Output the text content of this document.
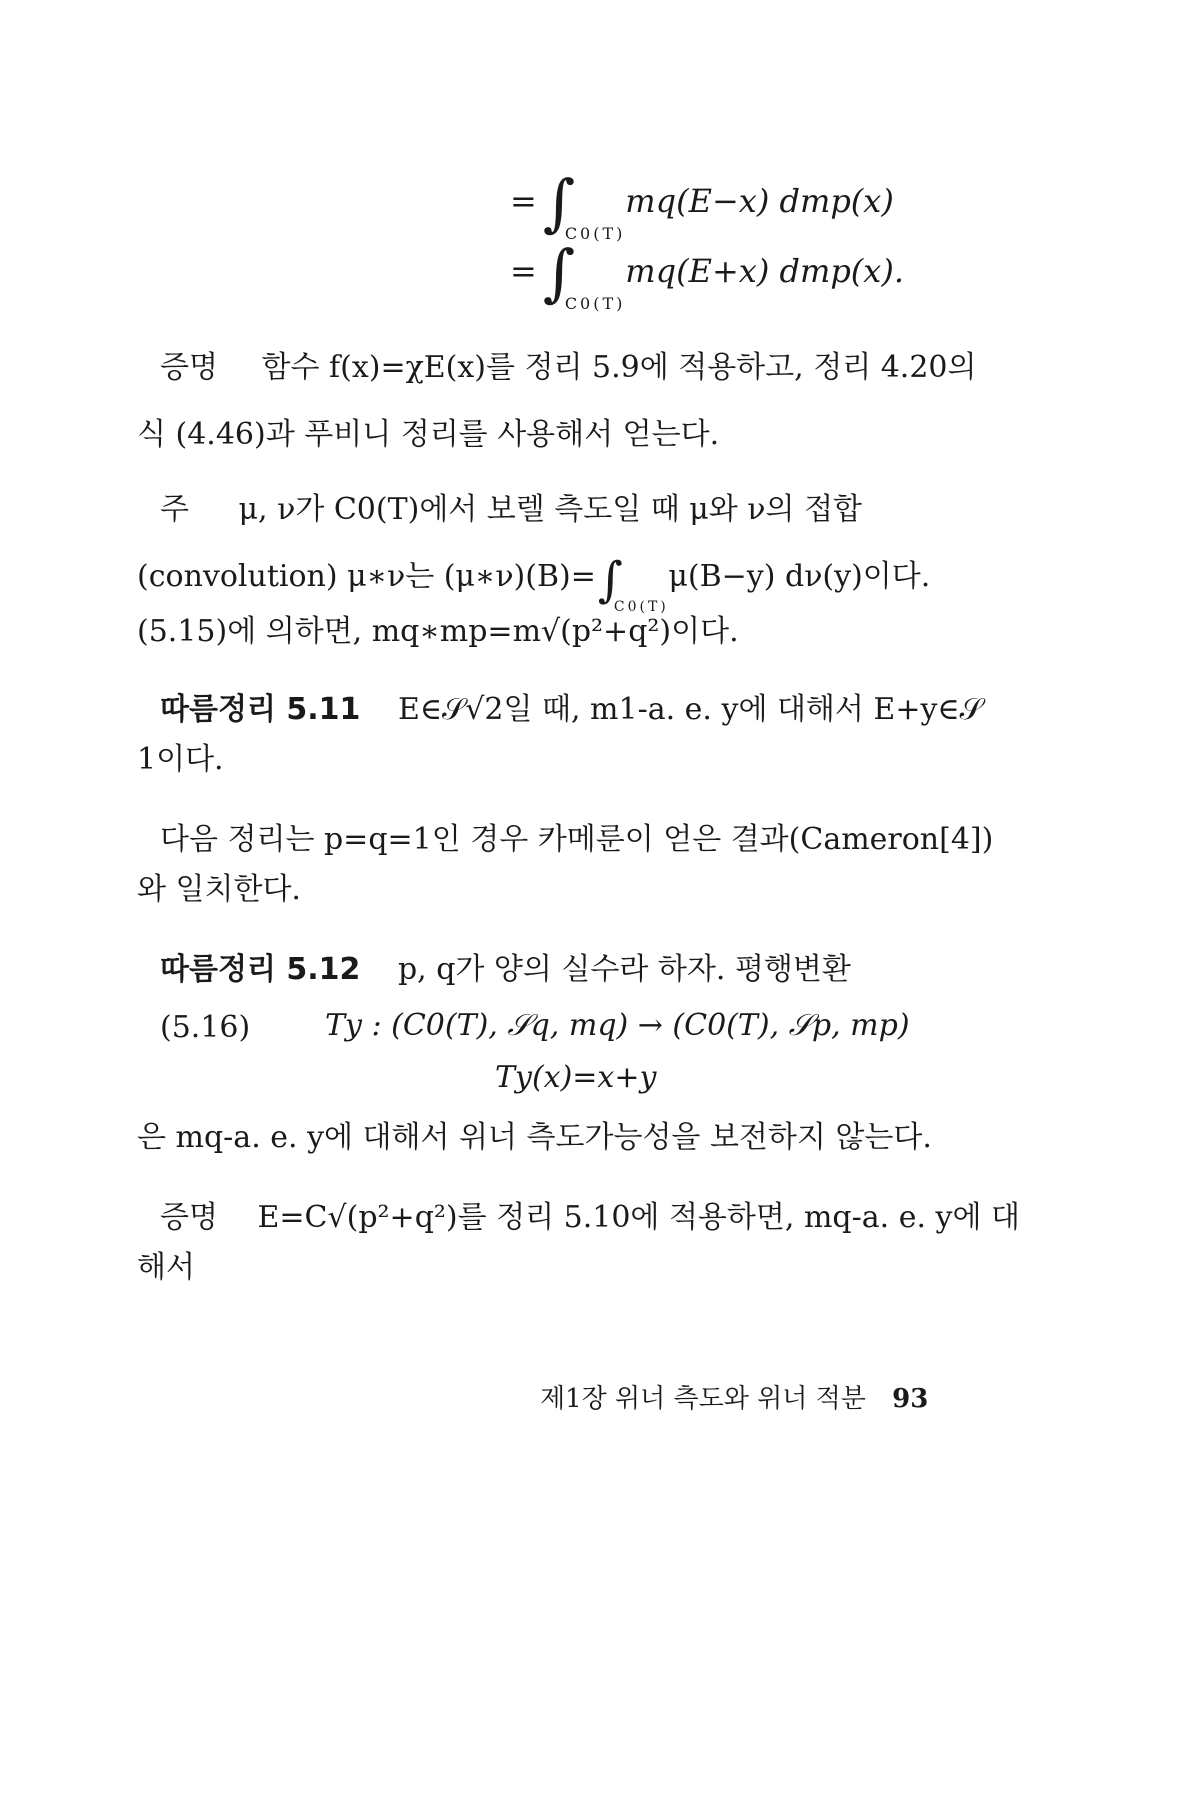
=∫
C0(T)
mq(E−x) dmp(x)
=∫
C0(T)
mq(E+x) dmp(x).
증명 함수 f(x)=χE(x)를 정리 5.9에 적용하고, 정리 4.20의
식 (4.46)과 푸비니 정리를 사용해서 얻는다.
주 μ, ν가 C0(T)에서 보렐 측도일 때 μ와 ν의 접합
(convolution) μ∗ν는 (μ∗ν)(B)=∫
C0(T)
μ(B−y) dν(y)이다.
(5.15)에 의하면, mq∗mp=m√(p²+q²)이다.
따름정리 5.11 E∈𝒮√2일 때, m1-a. e. y에 대해서 E+y∈𝒮
1이다.
다음 정리는 p=q=1인 경우 카메룬이 얻은 결과(Cameron[4])
와 일치한다.
따름정리 5.12 p, q가 양의 실수라 하자. 평행변환
(5.16) Ty : (C0(T), 𝒮q, mq) → (C0(T), 𝒮p, mp)
Ty(x)=x+y
은 mq-a. e. y에 대해서 위너 측도가능성을 보전하지 않는다.
증명 E=C√(p²+q²)를 정리 5.10에 적용하면, mq-a. e. y에 대
해서
제1장 위너 측도와 위너 적분 93
